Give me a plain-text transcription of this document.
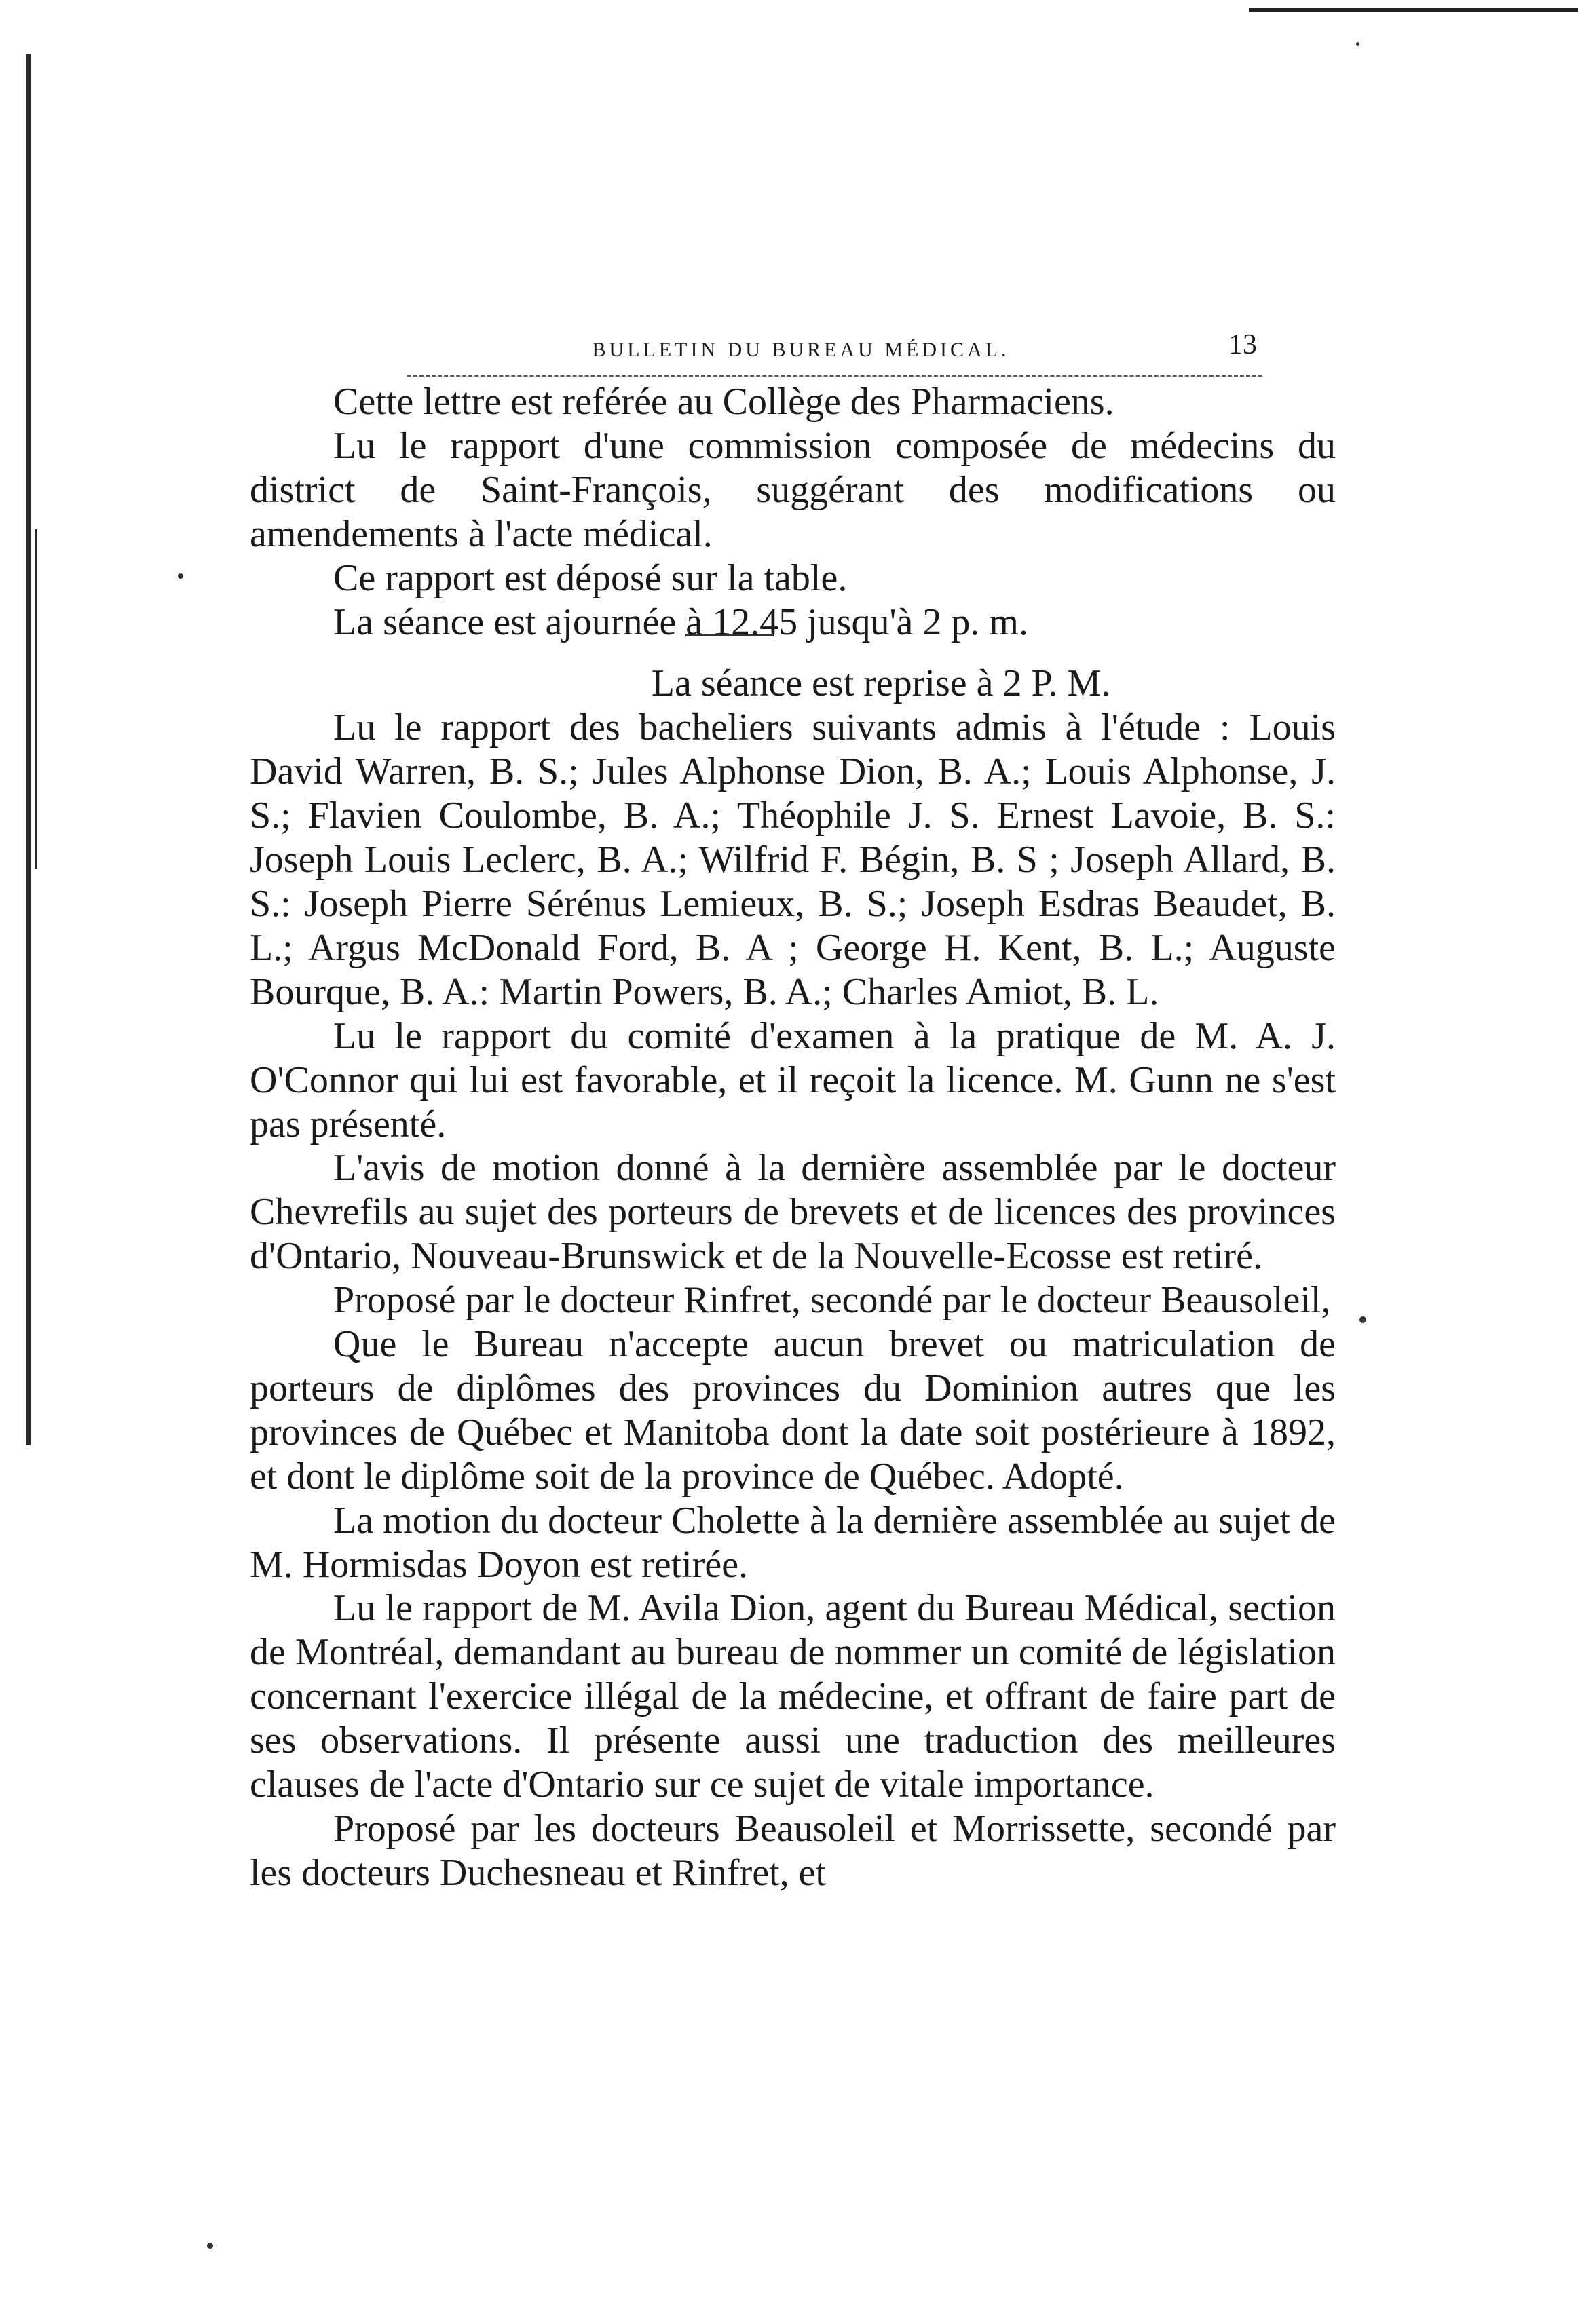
BULLETIN DU BUREAU MÉDICAL.	13

Cette lettre est reférée au Collège des Pharmaciens.

Lu le rapport d'une commission composée de médecins du district de Saint-François, suggérant des modifications ou amendements à l'acte médical.

Ce rapport est déposé sur la table.

La séance est ajournée à 12.45 jusqu'à 2 p. m.

La séance est reprise à 2 P. M.

Lu le rapport des bacheliers suivants admis à l'étude : Louis David Warren, B. S.; Jules Alphonse Dion, B. A.; Louis Alphonse, J. S.; Flavien Coulombe, B. A.; Théophile J. S. Ernest Lavoie, B. S.: Joseph Louis Leclerc, B. A.; Wilfrid F. Bégin, B. S ; Joseph Allard, B. S.: Joseph Pierre Sérénus Lemieux, B. S.; Joseph Esdras Beaudet, B. L.; Argus McDonald Ford, B. A ; George H. Kent, B. L.; Auguste Bourque, B. A.: Martin Powers, B. A.; Charles Amiot, B. L.

Lu le rapport du comité d'examen à la pratique de M. A. J. O'Connor qui lui est favorable, et il reçoit la licence. M. Gunn ne s'est pas présenté.

L'avis de motion donné à la dernière assemblée par le docteur Chevrefils au sujet des porteurs de brevets et de licences des provinces d'Ontario, Nouveau-Brunswick et de la Nouvelle-Ecosse est retiré.

Proposé par le docteur Rinfret, secondé par le docteur Beausoleil,

Que le Bureau n'accepte aucun brevet ou matriculation de porteurs de diplômes des provinces du Dominion autres que les provinces de Québec et Manitoba dont la date soit postérieure à 1892, et dont le diplôme soit de la province de Québec. Adopté.

La motion du docteur Cholette à la dernière assemblée au sujet de M. Hormisdas Doyon est retirée.

Lu le rapport de M. Avila Dion, agent du Bureau Médical, section de Montréal, demandant au bureau de nommer un comité de législation concernant l'exercice illégal de la médecine, et offrant de faire part de ses observations. Il présente aussi une traduction des meilleures clauses de l'acte d'Ontario sur ce sujet de vitale importance.

Proposé par les docteurs Beausoleil et Morrissette, secondé par les docteurs Duchesneau et Rinfret, et
